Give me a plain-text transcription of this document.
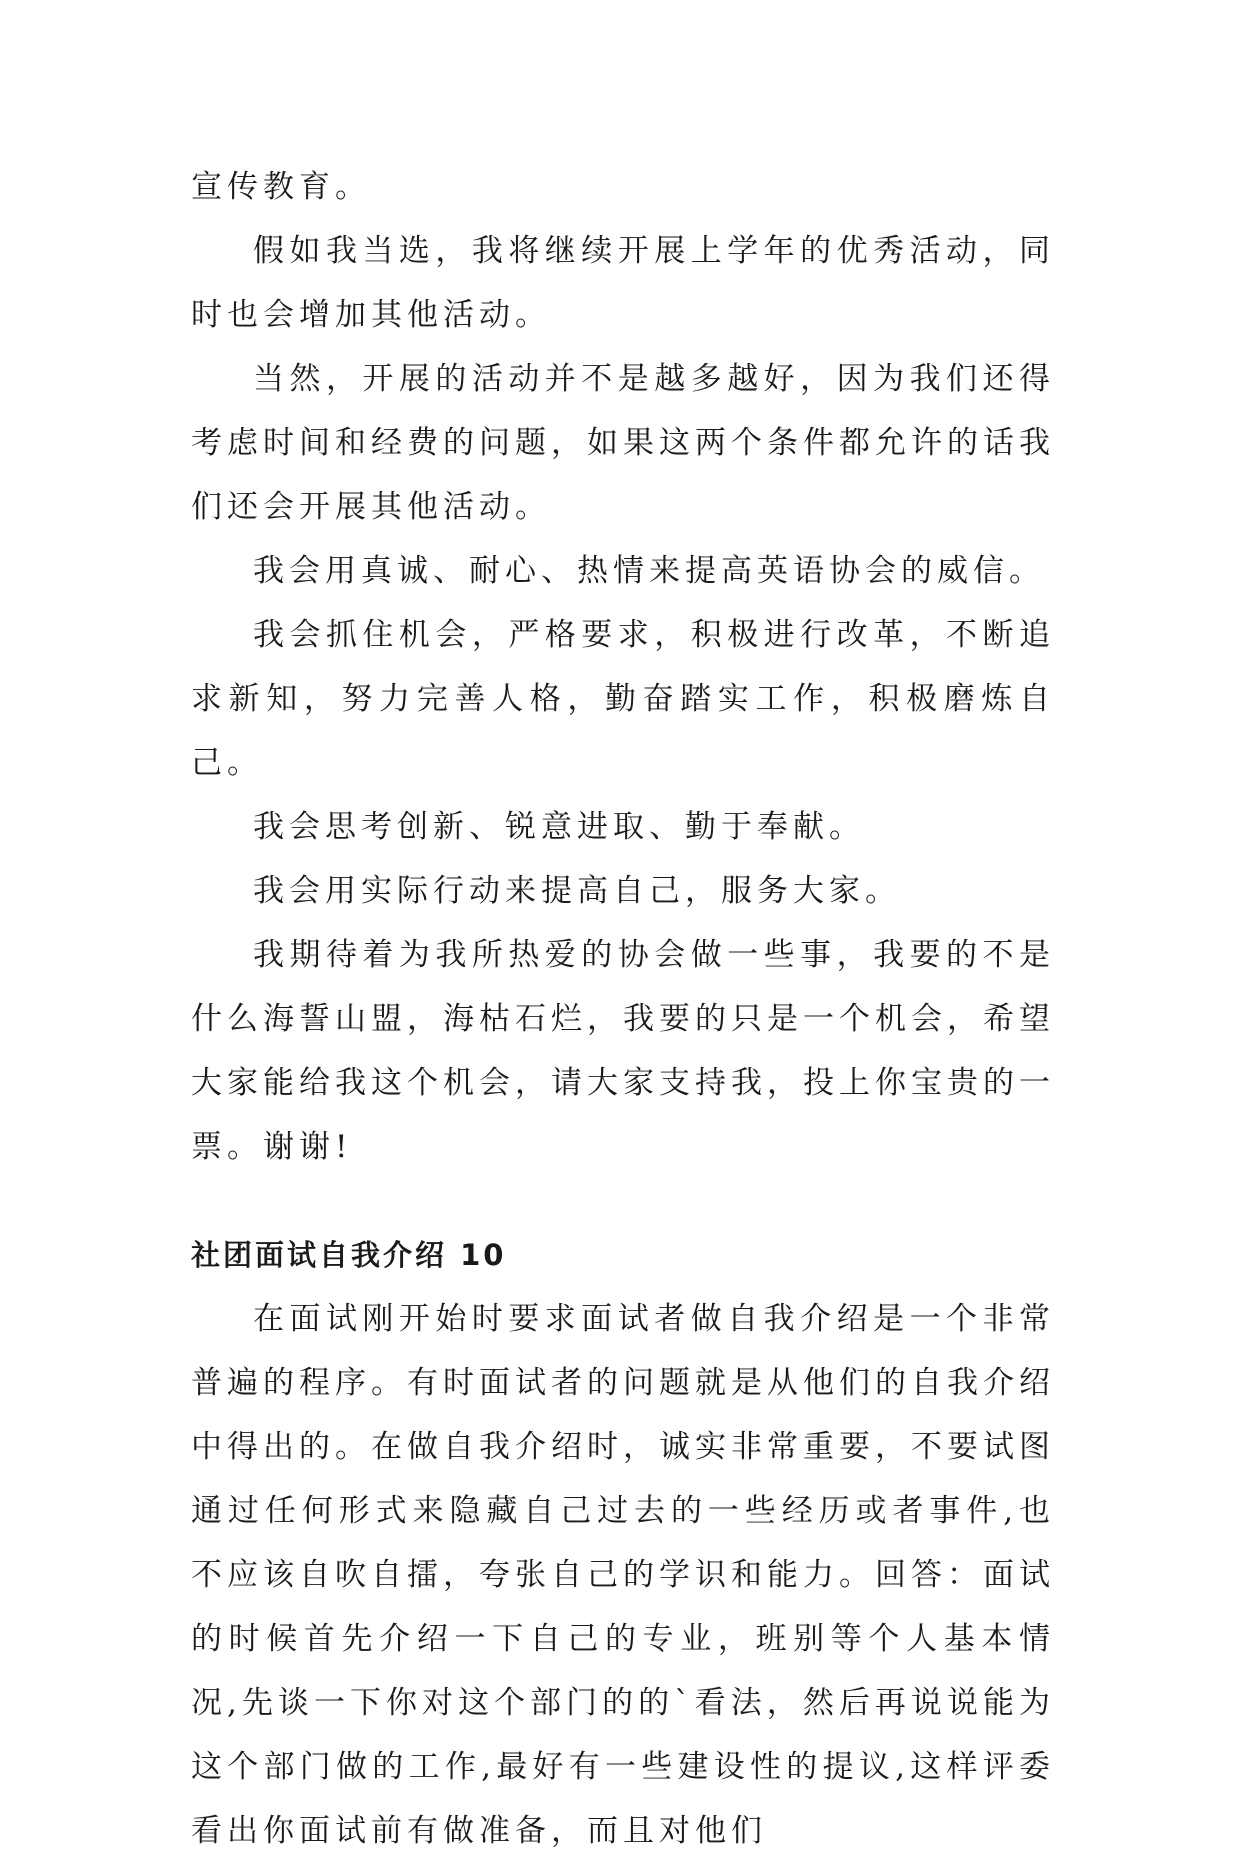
宣传教育。

假如我当选，我将继续开展上学年的优秀活动，同时也会增加其他活动。

当然，开展的活动并不是越多越好，因为我们还得考虑时间和经费的问题，如果这两个条件都允许的话我们还会开展其他活动。

我会用真诚、耐心、热情来提高英语协会的威信。

我会抓住机会，严格要求，积极进行改革，不断追求新知，努力完善人格，勤奋踏实工作，积极磨炼自己。

我会思考创新、锐意进取、勤于奉献。

我会用实际行动来提高自己，服务大家。

我期待着为我所热爱的协会做一些事，我要的不是什么海誓山盟，海枯石烂，我要的只是一个机会，希望大家能给我这个机会，请大家支持我，投上你宝贵的一票。谢谢!

社团面试自我介绍 10

在面试刚开始时要求面试者做自我介绍是一个非常普遍的程序。有时面试者的问题就是从他们的自我介绍中得出的。在做自我介绍时，诚实非常重要，不要试图通过任何形式来隐藏自己过去的一些经历或者事件,也不应该自吹自擂，夸张自己的学识和能力。回答：面试的时候首先介绍一下自己的专业，班别等个人基本情况,先谈一下你对这个部门的的`看法，然后再说说能为这个部门做的工作,最好有一些建设性的提议,这样评委看出你面试前有做准备，而且对他们
